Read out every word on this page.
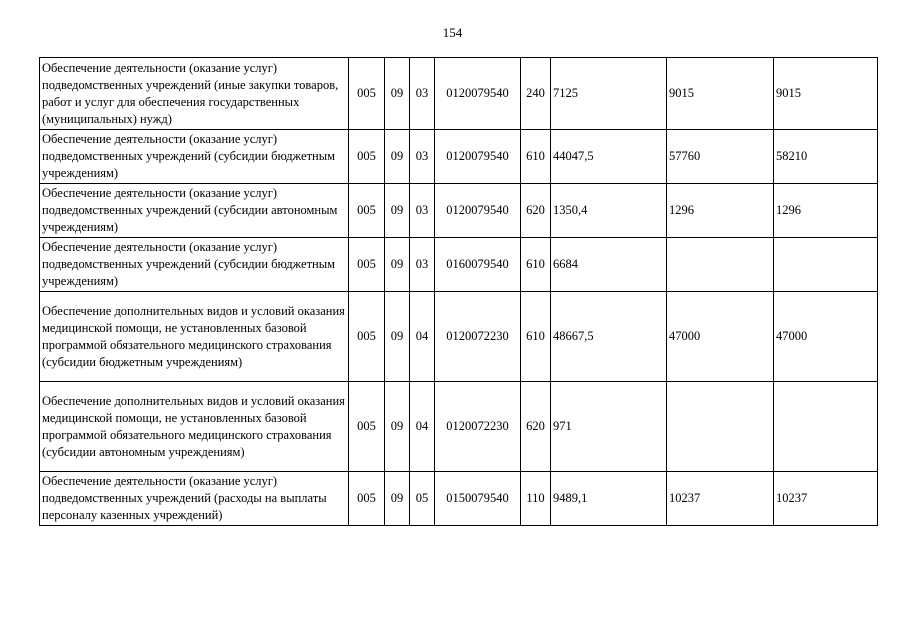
154
Обеспечение деятельности (оказание услуг) подведомственных учреждений (иные закупки товаров, работ и услуг для обеспечения государственных (муниципальных) нужд)	005	09	03	0120079540	240	7125	9015	9015
Обеспечение деятельности (оказание услуг) подведомственных учреждений (субсидии бюджетным учреждениям)	005	09	03	0120079540	610	44047,5	57760	58210
Обеспечение деятельности (оказание услуг) подведомственных учреждений (субсидии автономным учреждениям)	005	09	03	0120079540	620	1350,4	1296	1296
Обеспечение деятельности (оказание услуг) подведомственных учреждений (субсидии бюджетным учреждениям)	005	09	03	0160079540	610	6684		
Обеспечение дополнительных видов и условий оказания медицинской помощи, не установленных базовой программой обязательного медицинского страхования (субсидии бюджетным учреждениям)	005	09	04	0120072230	610	48667,5	47000	47000
Обеспечение дополнительных видов и условий оказания медицинской помощи, не установленных базовой программой обязательного медицинского страхования (субсидии автономным учреждениям)	005	09	04	0120072230	620	971		
Обеспечение деятельности (оказание услуг) подведомственных учреждений (расходы на выплаты персоналу казенных учреждений)	005	09	05	0150079540	110	9489,1	10237	10237
